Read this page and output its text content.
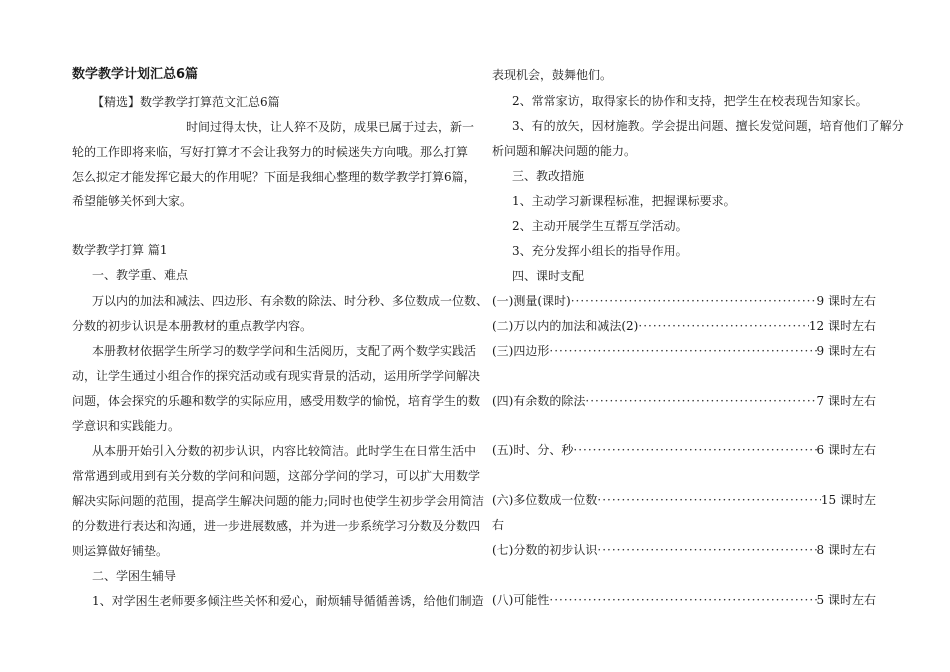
数学教学计划汇总6篇
【精选】数学教学打算范文汇总6篇
时间过得太快，让人猝不及防，成果已属于过去，新一
轮的工作即将来临，写好打算才不会让我努力的时候迷失方向哦。那么打算
怎么拟定才能发挥它最大的作用呢？下面是我细心整理的数学教学打算6篇，
希望能够关怀到大家。
数学教学打算 篇1
一、教学重、难点
万以内的加法和减法、四边形、有余数的除法、时分秒、多位数成一位数、
分数的初步认识是本册教材的重点教学内容。
本册教材依据学生所学习的数学学问和生活阅历，支配了两个数学实践活
动，让学生通过小组合作的探究活动或有现实背景的活动，运用所学学问解决
问题，体会探究的乐趣和数学的实际应用，感受用数学的愉悦，培育学生的数
学意识和实践能力。
从本册开始引入分数的初步认识，内容比较简洁。此时学生在日常生活中
常常遇到或用到有关分数的学问和问题，这部分学问的学习，可以扩大用数学
解决实际问题的范围，提高学生解决问题的能力;同时也使学生初步学会用简洁
的分数进行表达和沟通，进一步进展数感，并为进一步系统学习分数及分数四
则运算做好铺垫。
二、学困生辅导
1、对学困生老师要多倾注些关怀和爱心，耐烦辅导循循善诱，给他们制造
表现机会，鼓舞他们。
2、常常家访，取得家长的协作和支持，把学生在校表现告知家长。
3、有的放矢，因材施教。学会提出问题、擅长发觉问题，培育他们了解分
析问题和解决问题的能力。
三、教改措施
1、主动学习新课程标准，把握课标要求。
2、主动开展学生互帮互学活动。
3、充分发挥小组长的指导作用。
四、课时支配
(一)测量(课时) ·····	9 课时左右
(二)万以内的加法和减法(2) ·····	12 课时左右
(三)四边形 ·····	9 课时左右
(四)有余数的除法 ·····	7 课时左右
(五)时、分、秒 ·····	6 课时左右
(六)多位数成一位数 ·····	15 课时左
右
(七)分数的初步认识 ·····	8 课时左右
(八)可能性 ·····	5 课时左右
